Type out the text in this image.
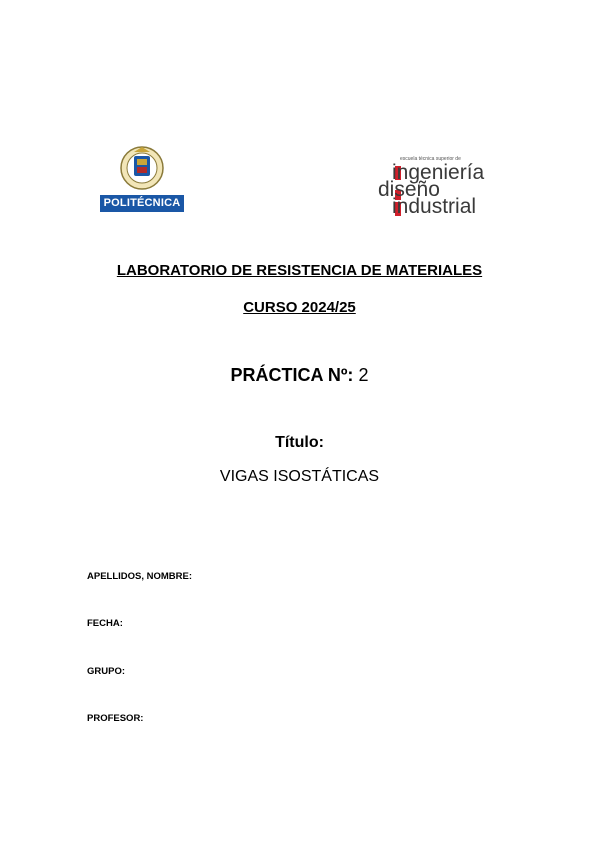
POLITÉCNICA
escuela técnica superior de
ingeniería
diseño
industrial
LABORATORIO DE RESISTENCIA DE MATERIALES
CURSO 2024/25
PRÁCTICA Nº: 2
Título:
VIGAS ISOSTÁTICAS
APELLIDOS, NOMBRE:
FECHA:
GRUPO:
PROFESOR:
